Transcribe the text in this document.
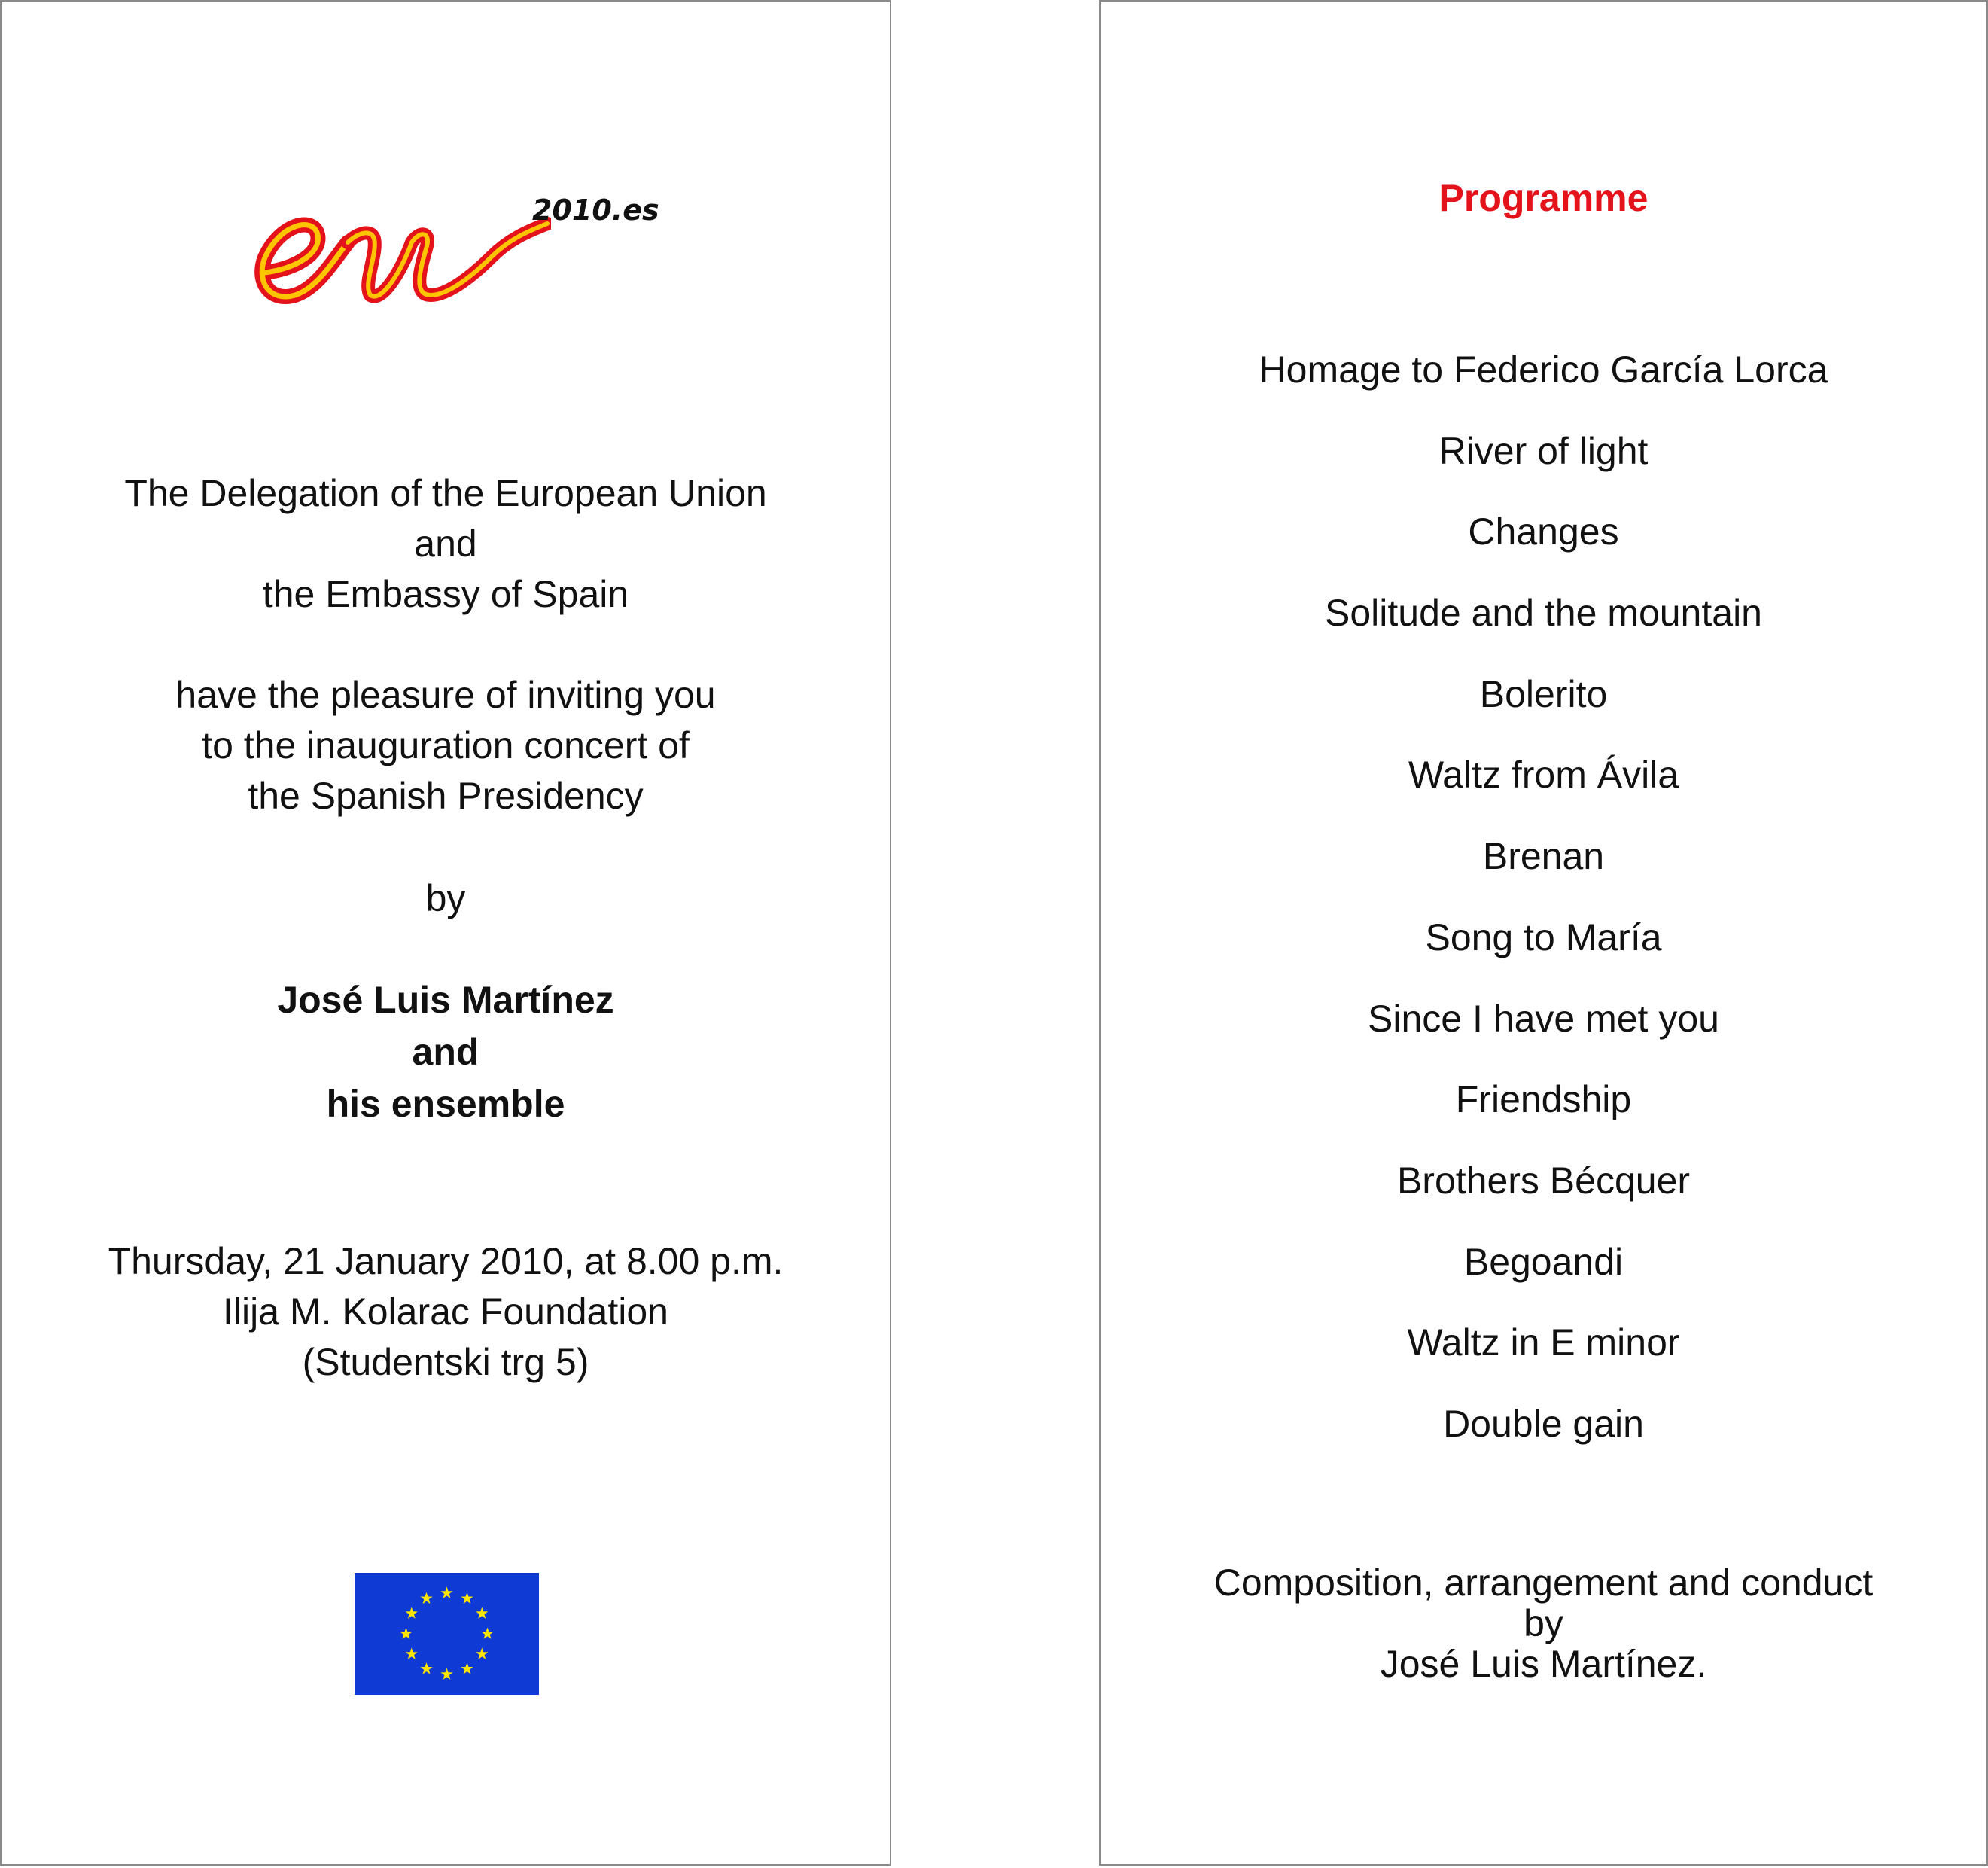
2010.es
The Delegation of the European Union
and
the Embassy of Spain
have the pleasure of inviting you
to the inauguration concert of
the Spanish Presidency
by
José Luis Martínez
and
his ensemble
Thursday, 21 January 2010, at 8.00 p.m.
Ilija M. Kolarac Foundation
(Studentski trg 5)
Programme
Homage to Federico García Lorca
River of light
Changes
Solitude and the mountain
Bolerito
Waltz from Ávila
Brenan
Song to María
Since I have met you
Friendship
Brothers Bécquer
Begoandi
Waltz in E minor
Double gain
Composition, arrangement and conduct
by
José Luis Martínez.
